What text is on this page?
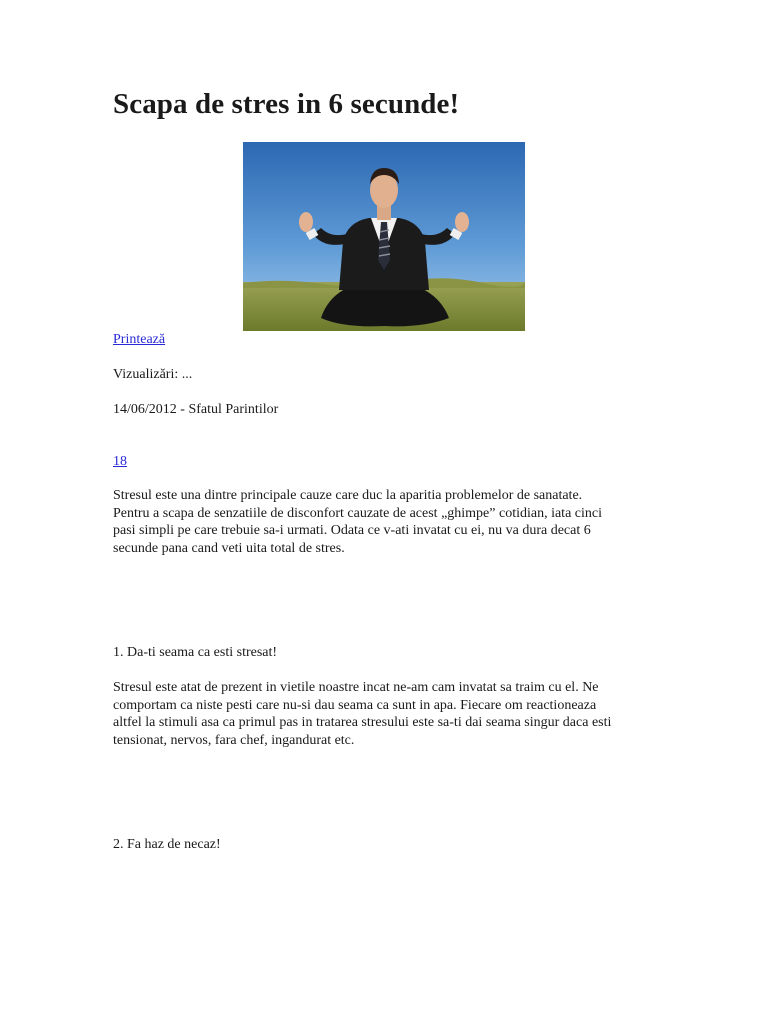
Scapa de stres in 6 secunde!

Printează

Vizualizări: ...

14/06/2012 - Sfatul Parintilor

18

Stresul este una dintre principale cauze care duc la aparitia problemelor de sanatate.
Pentru a scapa de senzatiile de disconfort cauzate de acest „ghimpe” cotidian, iata cinci
pasi simpli pe care trebuie sa-i urmati. Odata ce v-ati invatat cu ei, nu va dura decat 6
secunde pana cand veti uita total de stres.

1. Da-ti seama ca esti stresat!

Stresul este atat de prezent in vietile noastre incat ne-am cam invatat sa traim cu el. Ne
comportam ca niste pesti care nu-si dau seama ca sunt in apa. Fiecare om reactioneaza
altfel la stimuli asa ca primul pas in tratarea stresului este sa-ti dai seama singur daca esti
tensionat, nervos, fara chef, ingandurat etc.

2. Fa haz de necaz!
